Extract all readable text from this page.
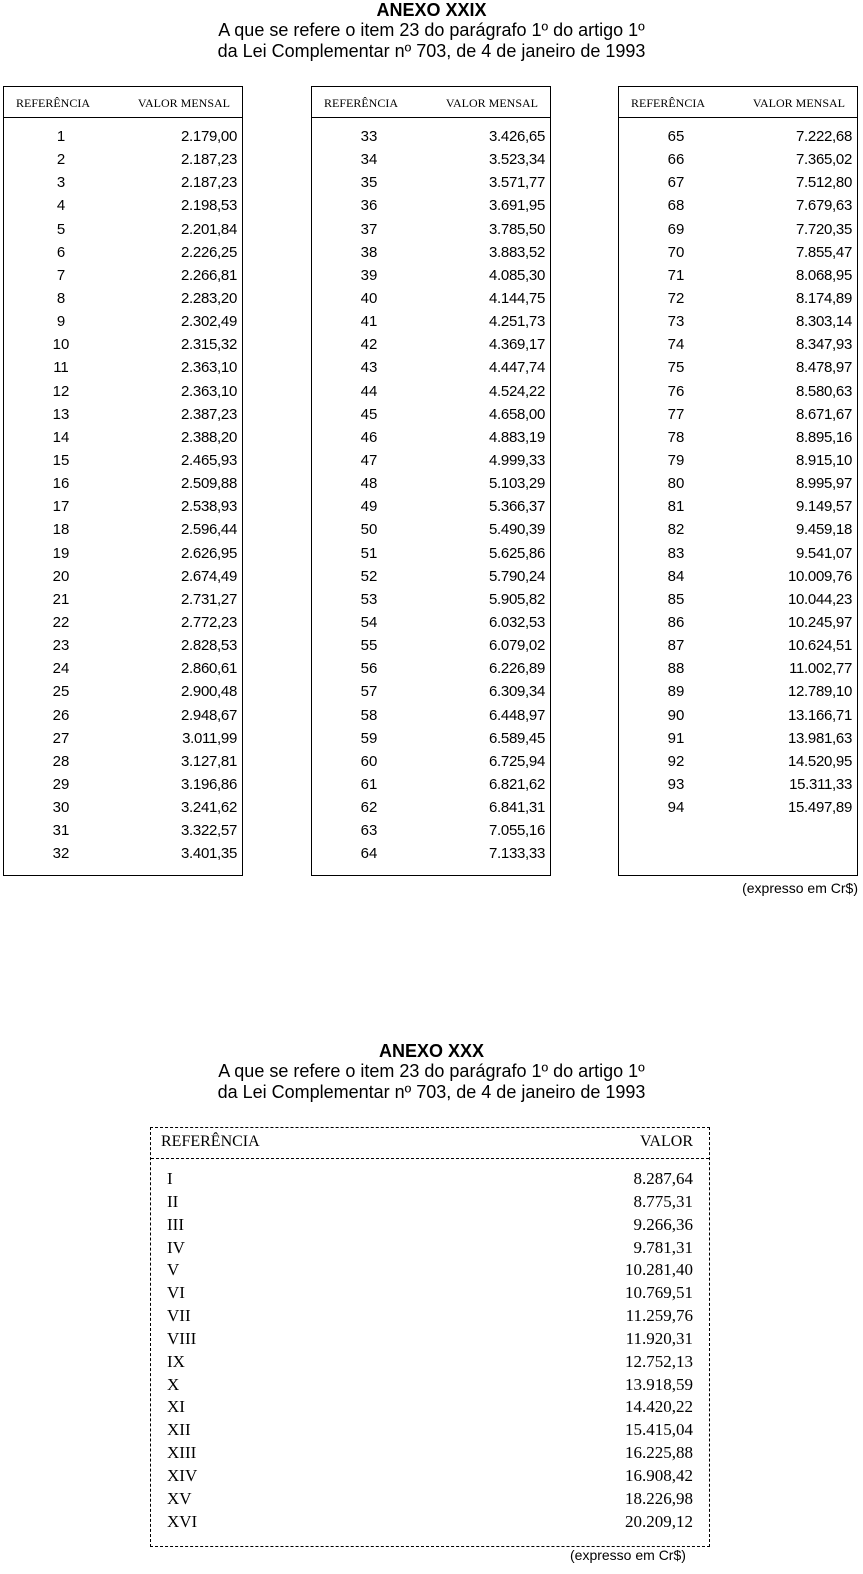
ANEXO XXIX
A que se refere o item 23 do parágrafo 1º do artigo 1º
da Lei Complementar nº 703, de 4 de janeiro de 1993
REFERÊNCIA	VALOR MENSAL
1	2.179,00
2	2.187,23
3	2.187,23
4	2.198,53
5	2.201,84
6	2.226,25
7	2.266,81
8	2.283,20
9	2.302,49
10	2.315,32
11	2.363,10
12	2.363,10
13	2.387,23
14	2.388,20
15	2.465,93
16	2.509,88
17	2.538,93
18	2.596,44
19	2.626,95
20	2.674,49
21	2.731,27
22	2.772,23
23	2.828,53
24	2.860,61
25	2.900,48
26	2.948,67
27	3.011,99
28	3.127,81
29	3.196,86
30	3.241,62
31	3.322,57
32	3.401,35
REFERÊNCIA	VALOR MENSAL
33	3.426,65
34	3.523,34
35	3.571,77
36	3.691,95
37	3.785,50
38	3.883,52
39	4.085,30
40	4.144,75
41	4.251,73
42	4.369,17
43	4.447,74
44	4.524,22
45	4.658,00
46	4.883,19
47	4.999,33
48	5.103,29
49	5.366,37
50	5.490,39
51	5.625,86
52	5.790,24
53	5.905,82
54	6.032,53
55	6.079,02
56	6.226,89
57	6.309,34
58	6.448,97
59	6.589,45
60	6.725,94
61	6.821,62
62	6.841,31
63	7.055,16
64	7.133,33
REFERÊNCIA	VALOR MENSAL
65	7.222,68
66	7.365,02
67	7.512,80
68	7.679,63
69	7.720,35
70	7.855,47
71	8.068,95
72	8.174,89
73	8.303,14
74	8.347,93
75	8.478,97
76	8.580,63
77	8.671,67
78	8.895,16
79	8.915,10
80	8.995,97
81	9.149,57
82	9.459,18
83	9.541,07
84	10.009,76
85	10.044,23
86	10.245,97
87	10.624,51
88	11.002,77
89	12.789,10
90	13.166,71
91	13.981,63
92	14.520,95
93	15.311,33
94	15.497,89
(expresso em Cr$)
ANEXO XXX
A que se refere o item 23 do parágrafo 1º do artigo 1º
da Lei Complementar nº 703, de 4 de janeiro de 1993
REFERÊNCIA	VALOR
I	8.287,64
II	8.775,31
III	9.266,36
IV	9.781,31
V	10.281,40
VI	10.769,51
VII	11.259,76
VIII	11.920,31
IX	12.752,13
X	13.918,59
XI	14.420,22
XII	15.415,04
XIII	16.225,88
XIV	16.908,42
XV	18.226,98
XVI	20.209,12
(expresso em Cr$)
